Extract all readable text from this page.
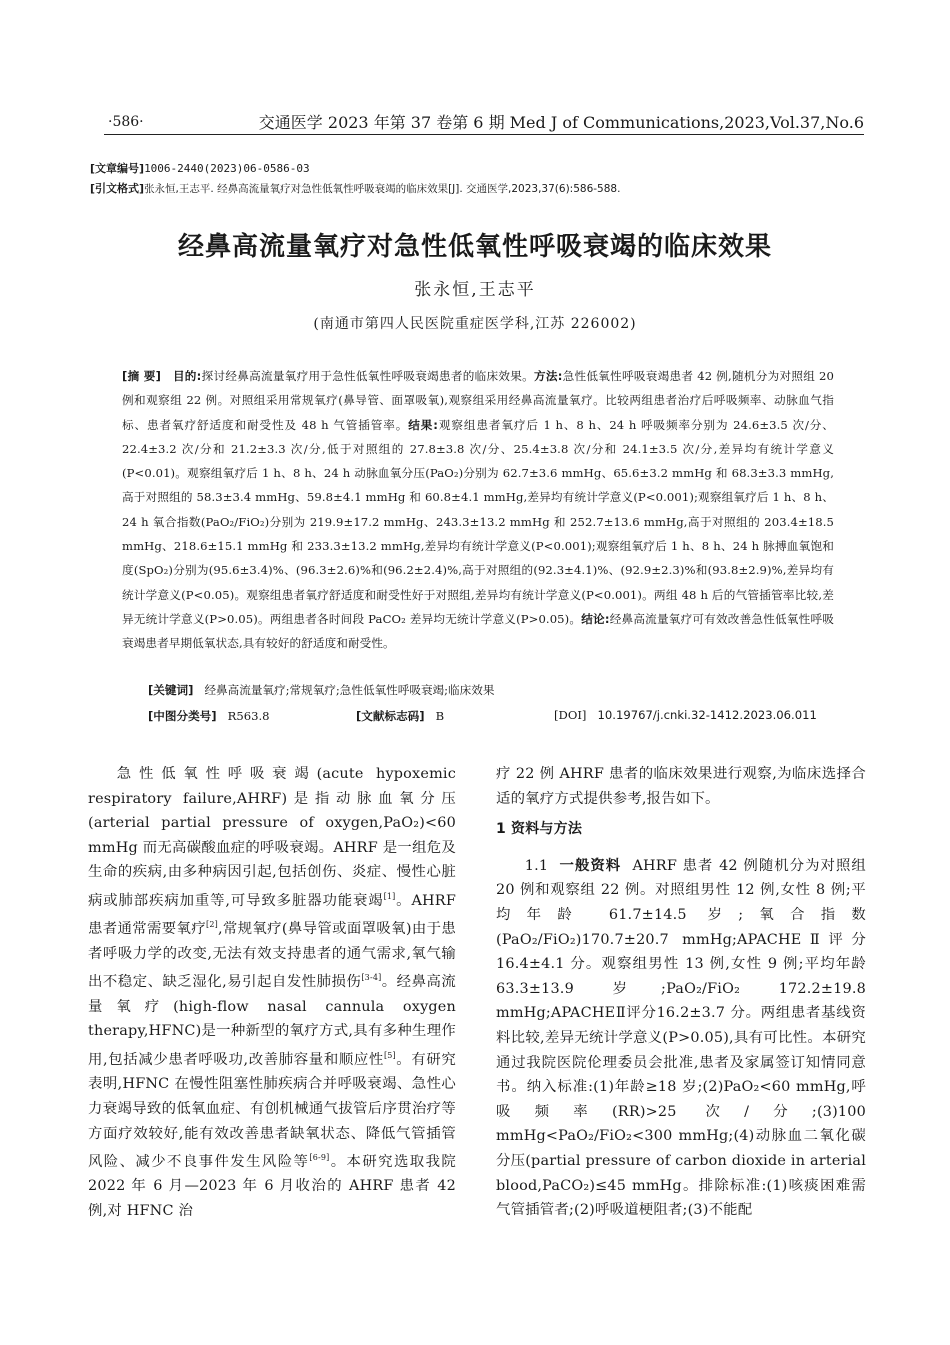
·586·	交通医学 2023 年第 37 卷第 6 期 Med J of Communications,2023,Vol.37,No.6
[文章编号]1006-2440(2023)06-0586-03
[引文格式]张永恒,王志平. 经鼻高流量氧疗对急性低氧性呼吸衰竭的临床效果[J]. 交通医学,2023,37(6):586-588.
经鼻高流量氧疗对急性低氧性呼吸衰竭的临床效果
张永恒,王志平
(南通市第四人民医院重症医学科,江苏 226002)
[摘 要] 目的:探讨经鼻高流量氧疗用于急性低氧性呼吸衰竭患者的临床效果。方法:急性低氧性呼吸衰竭患者 42 例,随机分为对照组 20 例和观察组 22 例。对照组采用常规氧疗(鼻导管、面罩吸氧),观察组采用经鼻高流量氧疗。比较两组患者治疗后呼吸频率、动脉血气指标、患者氧疗舒适度和耐受性及 48 h 气管插管率。结果:观察组患者氧疗后 1 h、8 h、24 h 呼吸频率分别为 24.6±3.5 次/分、22.4±3.2 次/分和 21.2±3.3 次/分,低于对照组的 27.8±3.8 次/分、25.4±3.8 次/分和 24.1±3.5 次/分,差异均有统计学意义(P<0.01)。观察组氧疗后 1 h、8 h、24 h 动脉血氧分压(PaO₂)分别为 62.7±3.6 mmHg、65.6±3.2 mmHg 和 68.3±3.3 mmHg,高于对照组的 58.3±3.4 mmHg、59.8±4.1 mmHg 和 60.8±4.1 mmHg,差异均有统计学意义(P<0.001);观察组氧疗后 1 h、8 h、24 h 氧合指数(PaO₂/FiO₂)分别为 219.9±17.2 mmHg、243.3±13.2 mmHg 和 252.7±13.6 mmHg,高于对照组的 203.4±18.5 mmHg、218.6±15.1 mmHg 和 233.3±13.2 mmHg,差异均有统计学意义(P<0.001);观察组氧疗后 1 h、8 h、24 h 脉搏血氧饱和度(SpO₂)分别为(95.6±3.4)%、(96.3±2.6)%和(96.2±2.4)%,高于对照组的(92.3±4.1)%、(92.9±2.3)%和(93.8±2.9)%,差异均有统计学意义(P<0.05)。观察组患者氧疗舒适度和耐受性好于对照组,差异均有统计学意义(P<0.001)。两组 48 h 后的气管插管率比较,差异无统计学意义(P>0.05)。两组患者各时间段 PaCO₂ 差异均无统计学意义(P>0.05)。结论:经鼻高流量氧疗可有效改善急性低氧性呼吸衰竭患者早期低氧状态,具有较好的舒适度和耐受性。
[关键词] 经鼻高流量氧疗;常规氧疗;急性低氧性呼吸衰竭;临床效果
[中图分类号] R563.8	[文献标志码] B	[DOI] 10.19767/j.cnki.32-1412.2023.06.011

急性低氧性呼吸衰竭(acute hypoxemic respiratory failure,AHRF)是指动脉血氧分压(arterial partial pressure of oxygen,PaO₂)<60 mmHg 而无高碳酸血症的呼吸衰竭。AHRF 是一组危及生命的疾病,由多种病因引起,包括创伤、炎症、慢性心脏病或肺部疾病加重等,可导致多脏器功能衰竭[1]。AHRF 患者通常需要氧疗[2],常规氧疗(鼻导管或面罩吸氧)由于患者呼吸力学的改变,无法有效支持患者的通气需求,氧气输出不稳定、缺乏湿化,易引起自发性肺损伤[3-4]。经鼻高流量氧疗(high-flow nasal cannula oxygen therapy,HFNC)是一种新型的氧疗方式,具有多种生理作用,包括减少患者呼吸功,改善肺容量和顺应性[5]。有研究表明,HFNC 在慢性阻塞性肺疾病合并呼吸衰竭、急性心力衰竭导致的低氧血症、有创机械通气拔管后序贯治疗等方面疗效较好,能有效改善患者缺氧状态、降低气管插管风险、减少不良事件发生风险等[6-9]。本研究选取我院 2022 年 6 月—2023 年 6 月收治的 AHRF 患者 42 例,对 HFNC 治

疗 22 例 AHRF 患者的临床效果进行观察,为临床选择合适的氧疗方式提供参考,报告如下。

1 资料与方法

1.1 一般资料 AHRF 患者 42 例随机分为对照组 20 例和观察组 22 例。对照组男性 12 例,女性 8 例;平均年龄 61.7±14.5 岁;氧合指数(PaO₂/FiO₂)170.7±20.7 mmHg;APACHEⅡ评分 16.4±4.1 分。观察组男性 13 例,女性 9 例;平均年龄 63.3±13.9 岁;PaO₂/FiO₂ 172.2±19.8 mmHg;APACHEⅡ评分16.2±3.7 分。两组患者基线资料比较,差异无统计学意义(P>0.05),具有可比性。本研究通过我院医院伦理委员会批准,患者及家属签订知情同意书。纳入标准:(1)年龄≥18 岁;(2)PaO₂<60 mmHg,呼吸频率(RR)>25 次/分;(3)100 mmHg<PaO₂/FiO₂<300 mmHg;(4)动脉血二氧化碳分压(partial pressure of carbon dioxide in arterial blood,PaCO₂)≤45 mmHg。排除标准:(1)咳痰困难需气管插管者;(2)呼吸道梗阻者;(3)不能配
